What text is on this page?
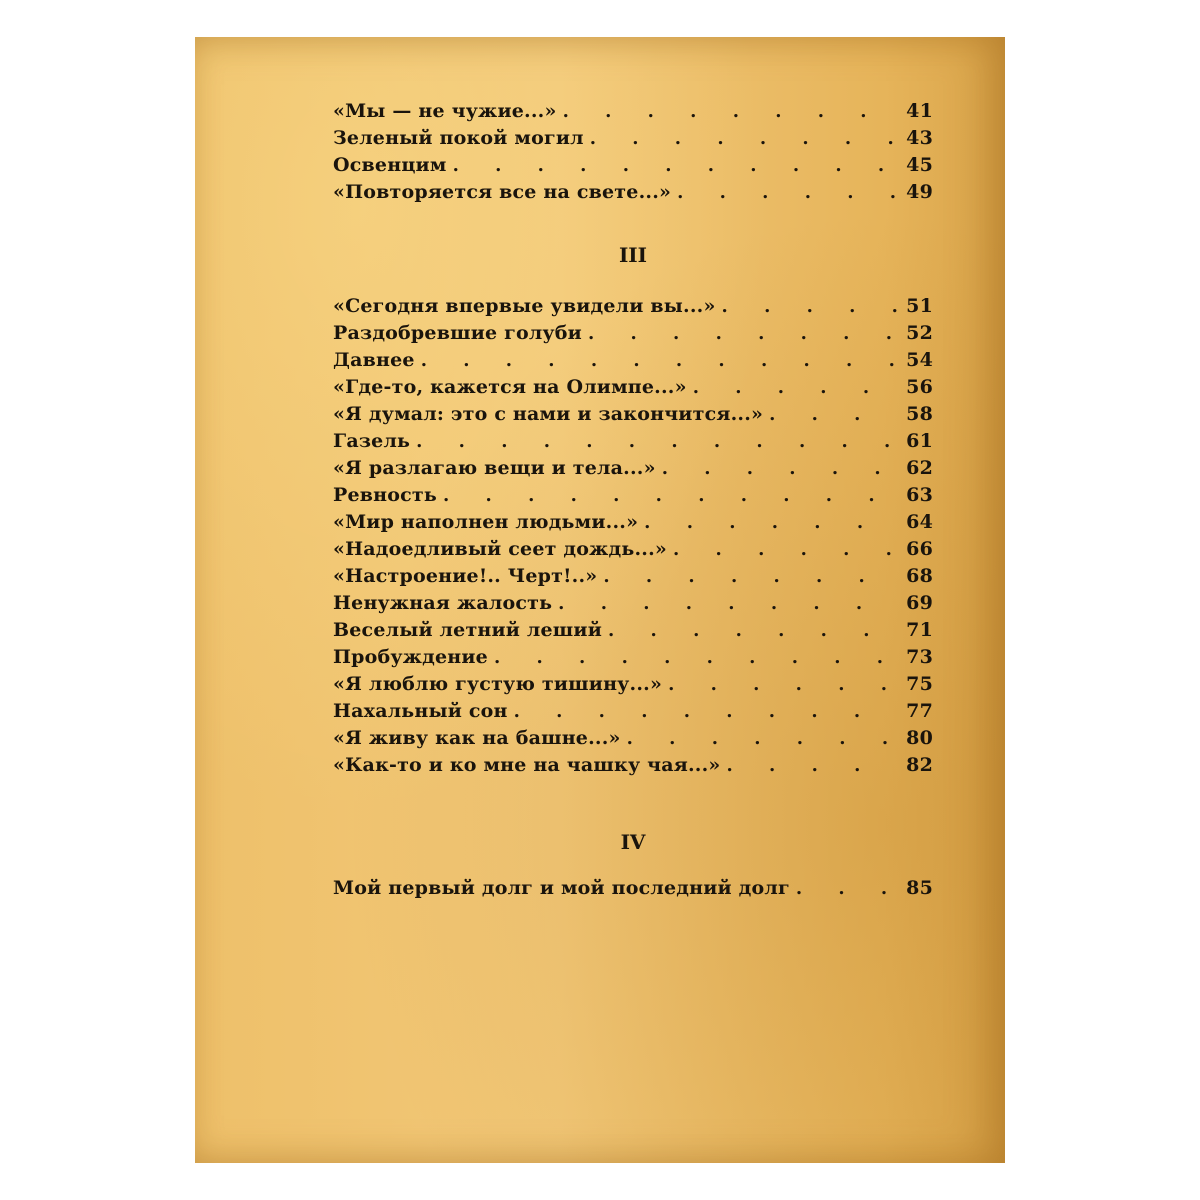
«Мы — не чужие...» . . .	41
Зеленый покой могил . . .	43
Освенцим . . .	45
«Повторяется все на свете...» . . .	49
III
«Сегодня впервые увидели вы...» . . .	51
Раздобревшие голуби . . .	52
Давнее . . .	54
«Где-то, кажется на Олимпе...» . . .	56
«Я думал: это с нами и закончится...» . . .	58
Газель . . .	61
«Я разлагаю вещи и тела...» . . .	62
Ревность . . .	63
«Мир наполнен людьми...» . . .	64
«Надоедливый сеет дождь...» . . .	66
«Настроение!.. Черт!..» . . .	68
Ненужная жалость . . .	69
Веселый летний леший . . .	71
Пробуждение . . .	73
«Я люблю густую тишину...» . . .	75
Нахальный сон . . .	77
«Я живу как на башне...» . . .	80
«Как-то и ко мне на чашку чая...» . . .	82
IV
Мой первый долг и мой последний долг . . .	85
